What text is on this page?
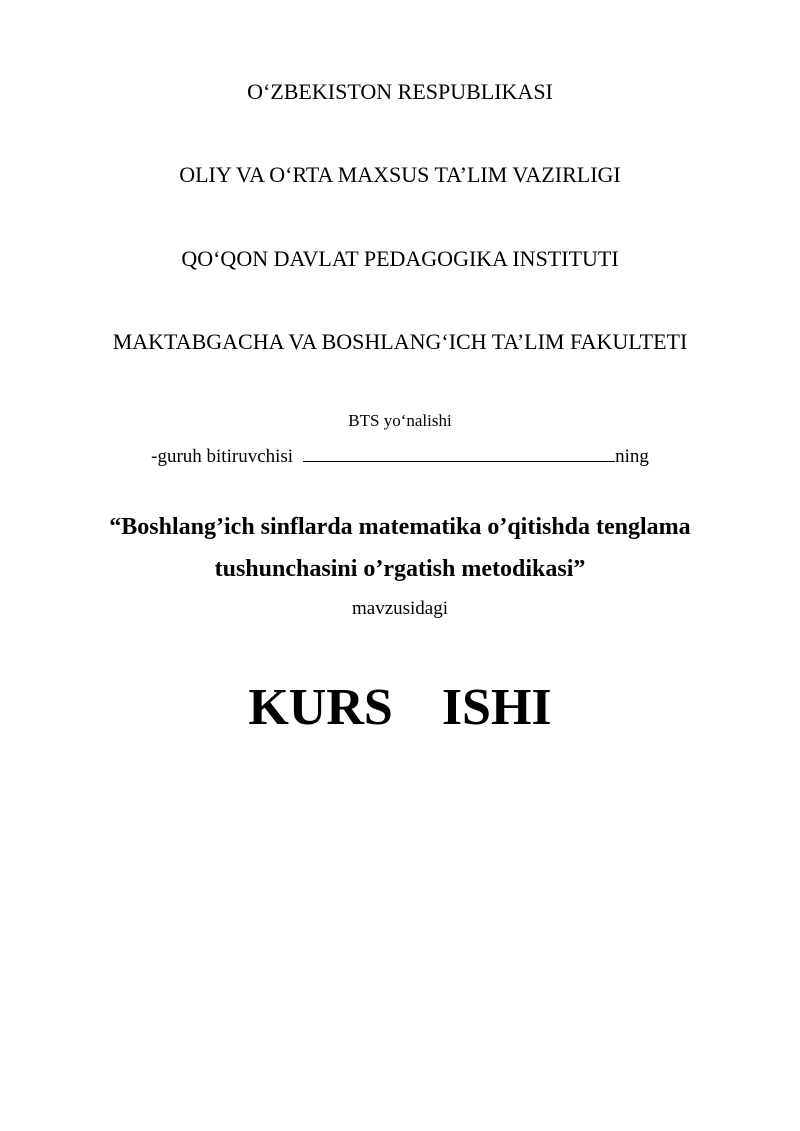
O‘ZBEKISTON RESPUBLIKASI
OLIY VA O‘RTA MAXSUS TA’LIM VAZIRLIGI
QO‘QON DAVLAT PEDAGOGIKA INSTITUTI
MAKTABGACHA VA BOSHLANG‘ICH TA’LIM FAKULTETI
BTS yo‘nalishi
-guruh bitiruvchisi	ning
“Boshlang’ich sinflarda matematika o’qitishda tenglama
tushunchasini o’rgatish metodikasi”
mavzusidagi
KURS ISHI
